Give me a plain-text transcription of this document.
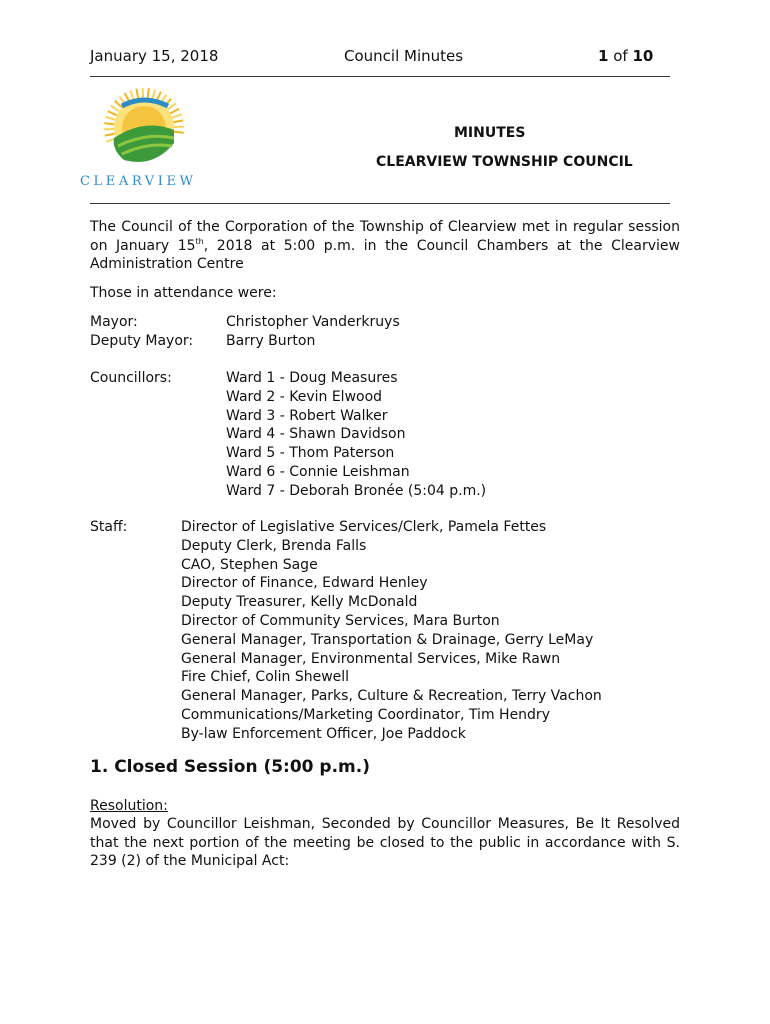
January 15, 2018	Council Minutes	1 of 10
CLEARVIEW
MINUTES
CLEARVIEW TOWNSHIP COUNCIL
The Council of the Corporation of the Township of Clearview met in regular session on January 15th, 2018 at 5:00 p.m. in the Council Chambers at the Clearview Administration Centre
Those in attendance were:
Mayor:	Christopher Vanderkruys
Deputy Mayor: Barry Burton
Councillors:	Ward 1 - Doug Measures
Ward 2 - Kevin Elwood
Ward 3 - Robert Walker
Ward 4 - Shawn Davidson
Ward 5 - Thom Paterson
Ward 6 - Connie Leishman
Ward 7 - Deborah Bronée (5:04 p.m.)
Staff:	Director of Legislative Services/Clerk, Pamela Fettes
Deputy Clerk, Brenda Falls
CAO, Stephen Sage
Director of Finance, Edward Henley
Deputy Treasurer, Kelly McDonald
Director of Community Services, Mara Burton
General Manager, Transportation & Drainage, Gerry LeMay
General Manager, Environmental Services, Mike Rawn
Fire Chief, Colin Shewell
General Manager, Parks, Culture & Recreation, Terry Vachon
Communications/Marketing Coordinator, Tim Hendry
By-law Enforcement Officer, Joe Paddock
1. Closed Session (5:00 p.m.)
Resolution:
Moved by Councillor Leishman, Seconded by Councillor Measures, Be It Resolved that the next portion of the meeting be closed to the public in accordance with S. 239 (2) of the Municipal Act:
